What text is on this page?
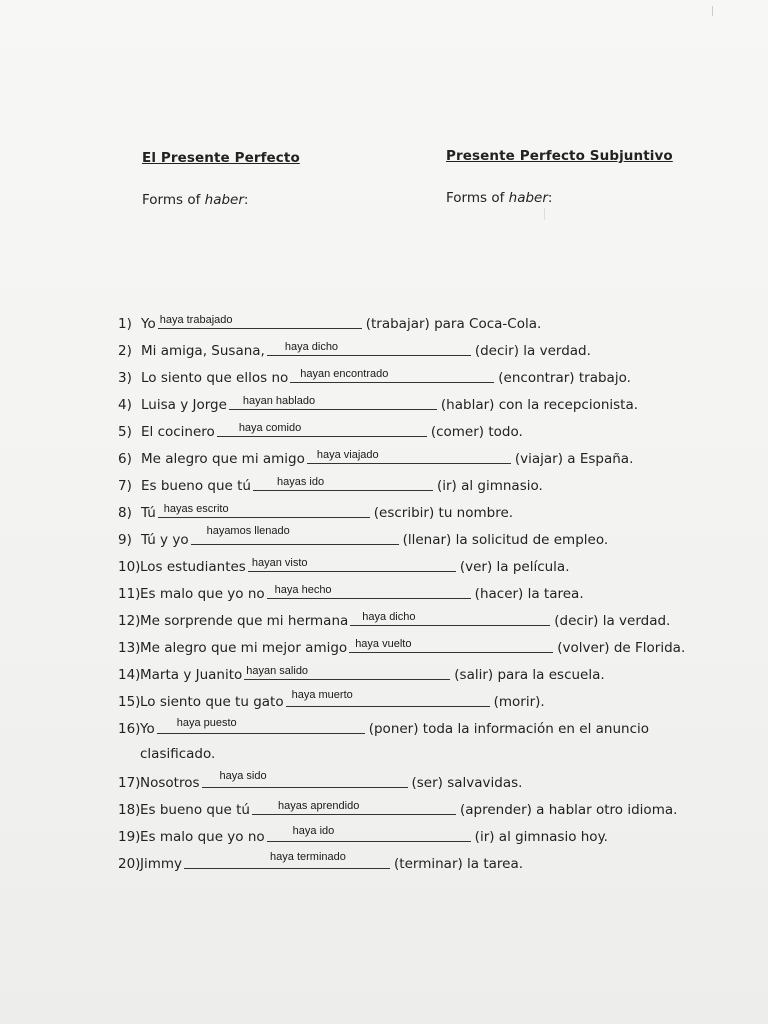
El Presente Perfecto	Presente Perfecto Subjuntivo
Forms of haber:	Forms of haber:
1) Yo haya trabajado	(trabajar) para Coca-Cola.
2) Mi amiga, Susana, haya dicho	(decir) la verdad.
3) Lo siento que ellos no hayan encontrado	(encontrar) trabajo.
4) Luisa y Jorge hayan hablado	(hablar) con la recepcionista.
5) El cocinero haya comido	(comer) todo.
6) Me alegro que mi amigo haya viajado	(viajar) a España.
7) Es bueno que tú hayas ido	(ir) al gimnasio.
8) Tú hayas escrito	(escribir) tu nombre.
9) Tú y yo
hayamos llenado
(llenar) la solicitud de empleo.
10) Los estudiantes hayan visto	(ver) la película.
11) Es malo que yo no haya hecho	(hacer) la tarea.
12) Me sorprende que mi hermana haya dicho	(decir) la verdad.
13) Me alegro que mi mejor amigo haya vuelto	(volver) de Florida.
14) Marta y Juanito hayan salido	(salir) para la escuela.
15) Lo siento que tu gato haya muerto	(morir).
16) Yo haya puesto	(poner) toda la información en el anuncio
clasificado.
17) Nosotros haya sido	(ser) salvavidas.
18) Es bueno que tú	hayas aprendido	(aprender) a hablar otro idioma.
19) Es malo que yo no	haya ido	(ir) al gimnasio hoy.
20) Jimmy	haya terminado	(terminar) la tarea.
